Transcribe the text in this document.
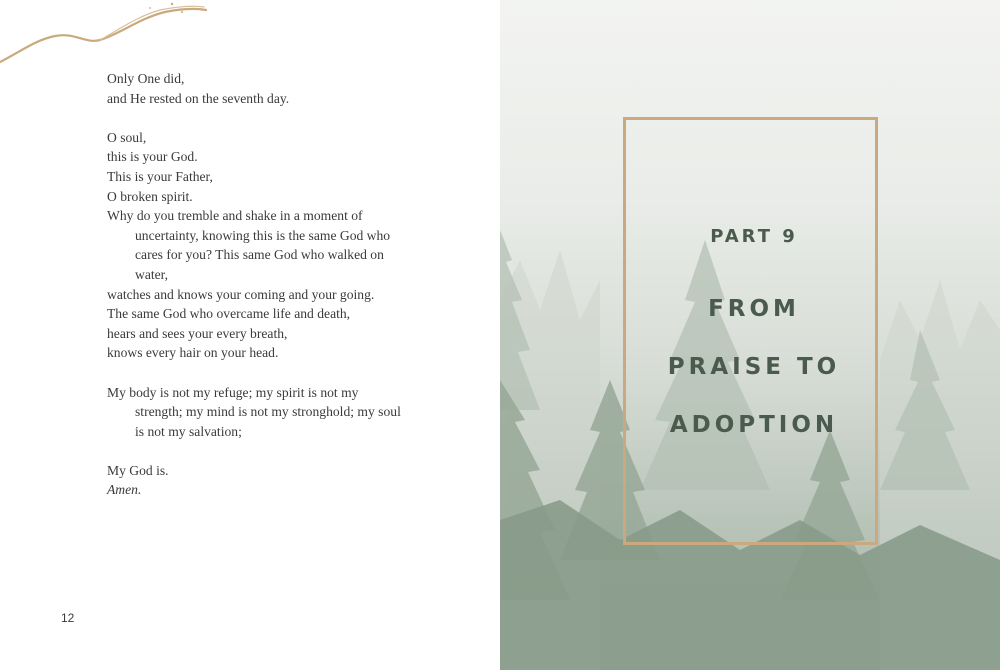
Only One did,
and He rested on the seventh day.
O soul,
this is your God.
This is your Father,
O broken spirit.
Why do you tremble and shake in a moment of uncertainty, knowing this is the same God who cares for you? This same God who walked on water,
watches and knows your coming and your going.
The same God who overcame life and death,
hears and sees your every breath,
knows every hair on your head.
My body is not my refuge; my spirit is not my strength; my mind is not my stronghold; my soul is not my salvation;
My God is.
Amen.
12
PART 9
FROM
PRAISE TO
ADOPTION
